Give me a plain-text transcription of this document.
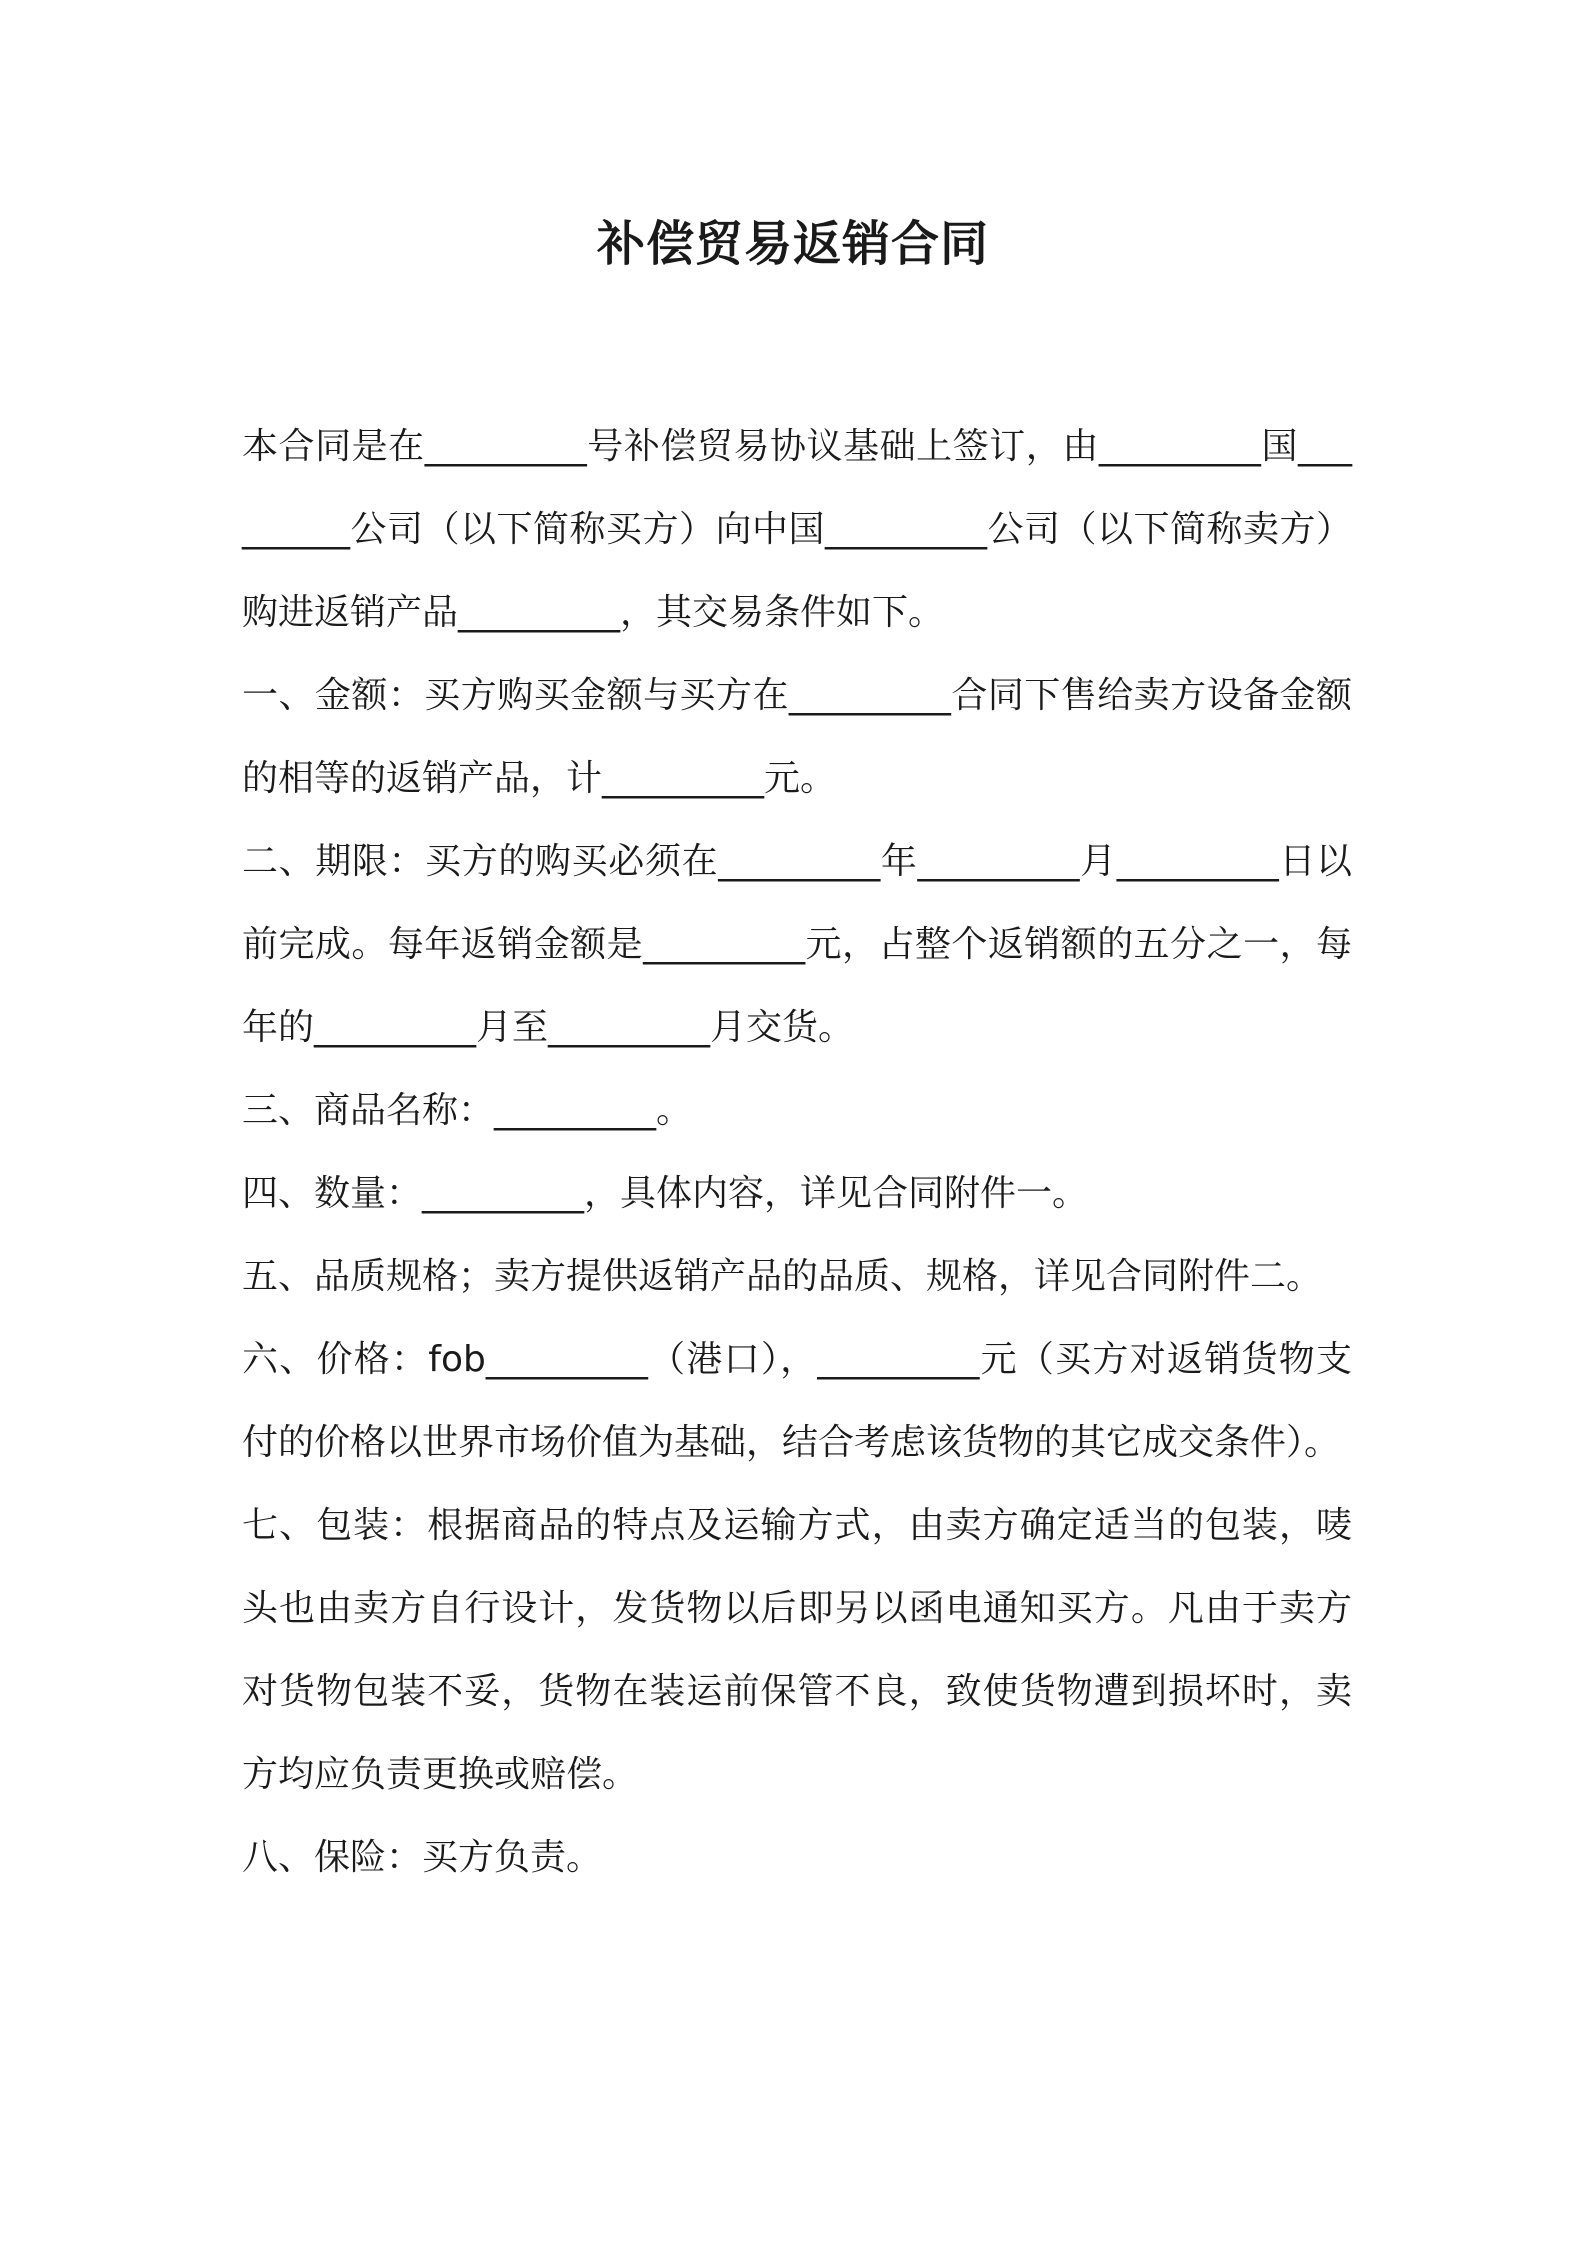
补偿贸易返销合同

本合同是在_________号补偿贸易协议基础上签订，由_________国_________公司（以下简称买方）向中国_________公司（以下简称卖方）购进返销产品_________，其交易条件如下。

一、金额：买方购买金额与买方在_________合同下售给卖方设备金额的相等的返销产品，计_________元。

二、期限：买方的购买必须在_________年_________月_________日以前完成。每年返销金额是_________元，占整个返销额的五分之一，每年的_________月至_________月交货。

三、商品名称：_________。

四、数量：_________，具体内容，详见合同附件一。

五、品质规格；卖方提供返销产品的品质、规格，详见合同附件二。

六、价格：fob_________（港口），_________元（买方对返销货物支付的价格以世界市场价值为基础，结合考虑该货物的其它成交条件）。

七、包装：根据商品的特点及运输方式，由卖方确定适当的包装，唛头也由卖方自行设计，发货物以后即另以函电通知买方。凡由于卖方对货物包装不妥，货物在装运前保管不良，致使货物遭到损坏时，卖方均应负责更换或赔偿。

八、保险：买方负责。
